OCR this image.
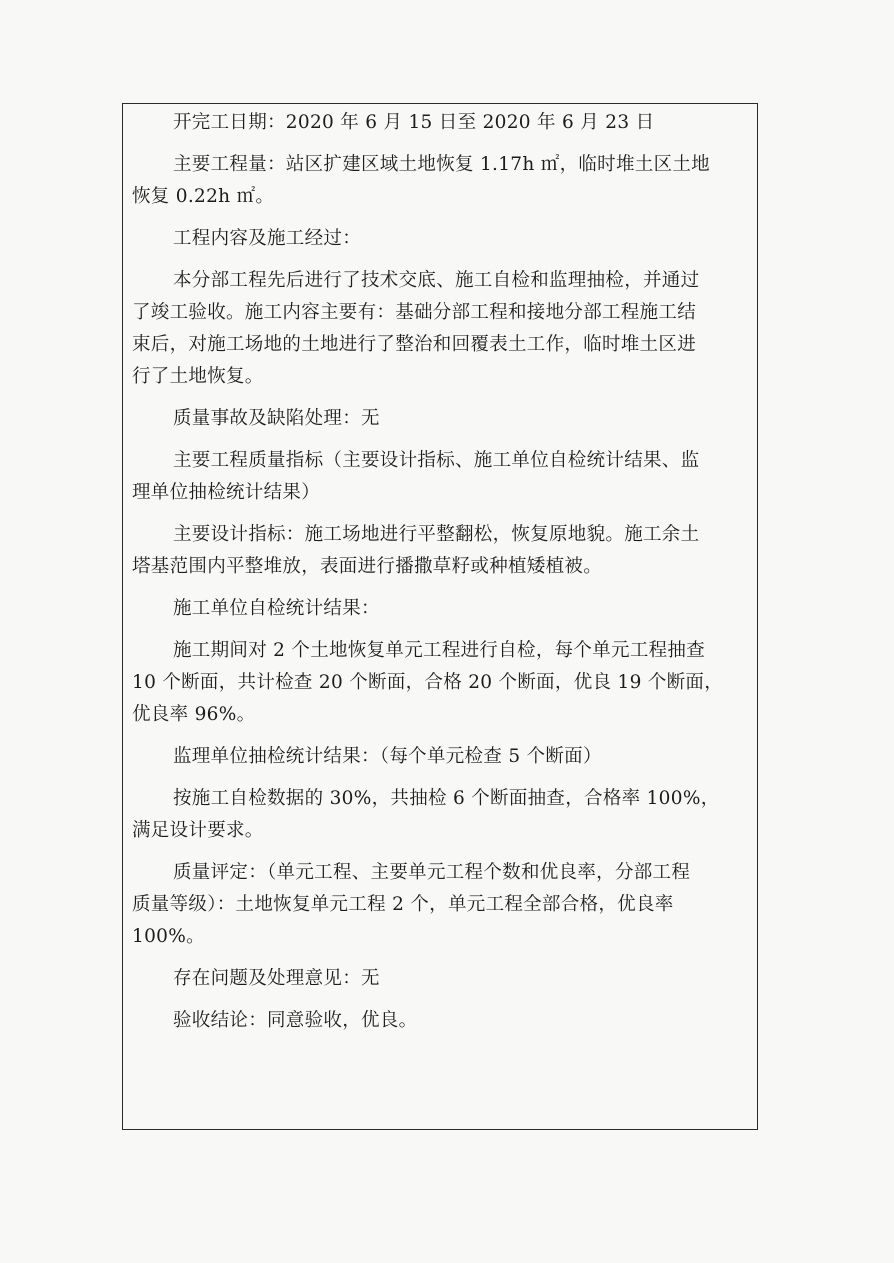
开完工日期：2020 年 6 月 15 日至 2020 年 6 月 23 日
主要工程量：站区扩建区域土地恢复 1.17h ㎡，临时堆土区土地
恢复 0.22h ㎡。
工程内容及施工经过：
本分部工程先后进行了技术交底、施工自检和监理抽检，并通过
了竣工验收。施工内容主要有：基础分部工程和接地分部工程施工结
束后，对施工场地的土地进行了整治和回覆表土工作，临时堆土区进
行了土地恢复。
质量事故及缺陷处理：无
主要工程质量指标（主要设计指标、施工单位自检统计结果、监
理单位抽检统计结果）
主要设计指标：施工场地进行平整翻松，恢复原地貌。施工余土
塔基范围内平整堆放，表面进行播撒草籽或种植矮植被。
施工单位自检统计结果：
施工期间对 2 个土地恢复单元工程进行自检，每个单元工程抽查
10 个断面，共计检查 20 个断面，合格 20 个断面，优良 19 个断面，
优良率 96%。
监理单位抽检统计结果：（每个单元检查 5 个断面）
按施工自检数据的 30%，共抽检 6 个断面抽查，合格率 100%，
满足设计要求。
质量评定：（单元工程、主要单元工程个数和优良率，分部工程
质量等级）：土地恢复单元工程 2 个，单元工程全部合格，优良率
100%。
存在问题及处理意见：无
验收结论：同意验收，优良。
